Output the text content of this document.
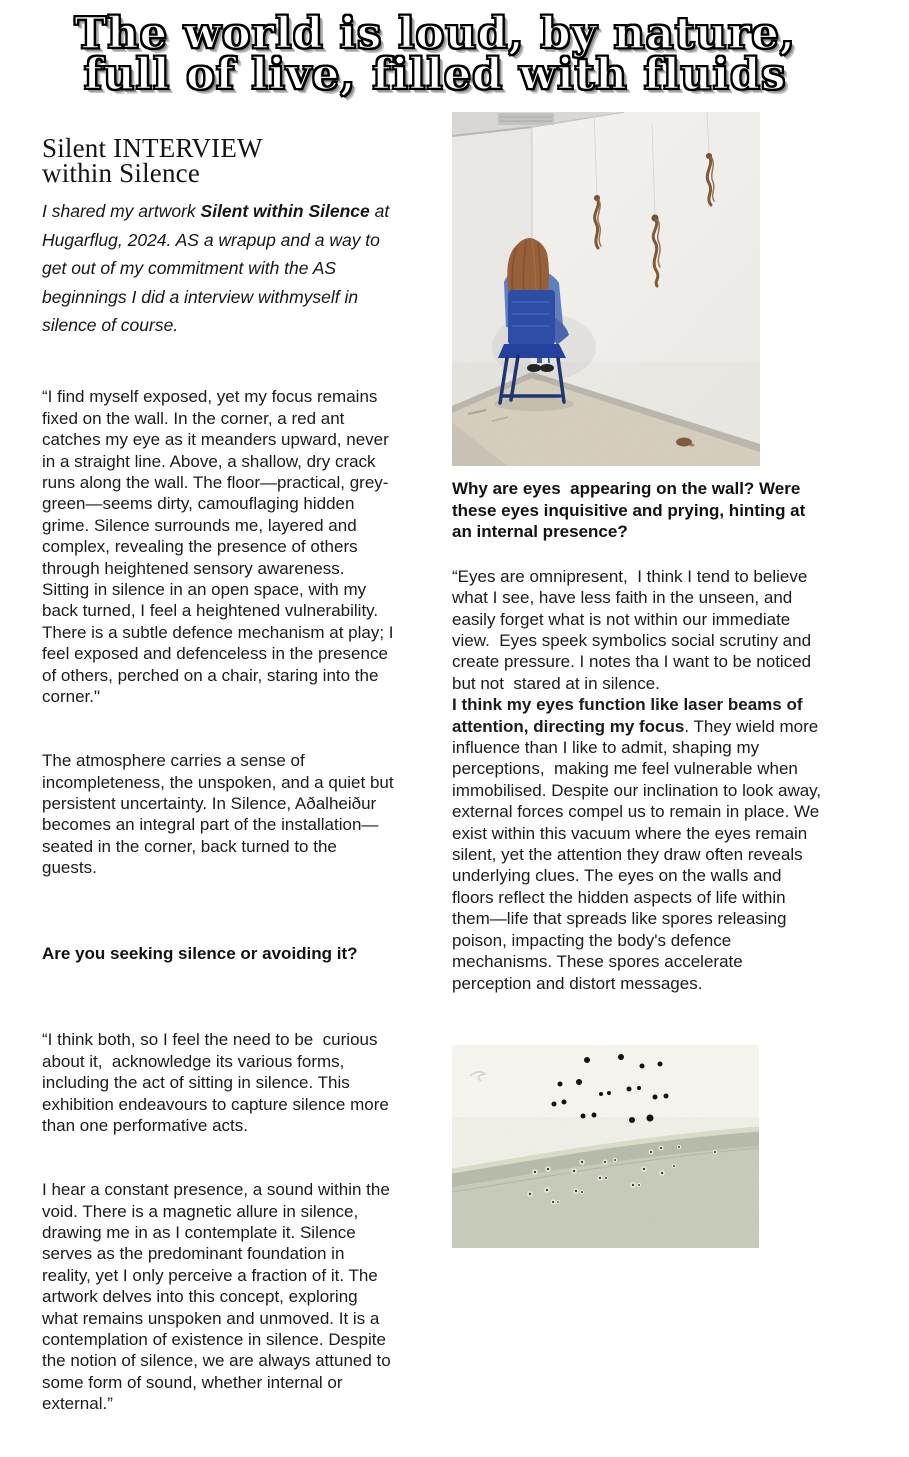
The world is loud, by nature,
full of live, filled with fluids
Silent INTERVIEW
within Silence
I shared my artwork Silent within Silence at Hugarflug, 2024. AS a wrapup and a way to get out of my commitment with the AS beginnings I did a interview withmyself in silence of course.

“I find myself exposed, yet my focus remains fixed on the wall. In the corner, a red ant catches my eye as it meanders upward, never in a straight line. Above, a shallow, dry crack runs along the wall. The floor—practical, grey-green—seems dirty, camouflaging hidden grime. Silence surrounds me, layered and complex, revealing the presence of others through heightened sensory awareness. Sitting in silence in an open space, with my back turned, I feel a heightened vulnerability. There is a subtle defence mechanism at play; I feel exposed and defenceless in the presence of others, perched on a chair, staring into the corner."

The atmosphere carries a sense of incompleteness, the unspoken, and a quiet but persistent uncertainty. In Silence, Aðalheiður becomes an integral part of the installation—seated in the corner, back turned to the guests.

Are you seeking silence or avoiding it?

“I think both, so I feel the need to be  curious about it,  acknowledge its various forms, including the act of sitting in silence. This exhibition endeavours to capture silence more than one performative acts.

I hear a constant presence, a sound within the void. There is a magnetic allure in silence, drawing me in as I contemplate it. Silence serves as the predominant foundation in  reality, yet I only perceive a fraction of it. The artwork delves into this concept, exploring what remains unspoken and unmoved. It is a contemplation of existence in silence. Despite the notion of silence, we are always attuned to some form of sound, whether internal or external.”

Why are eyes  appearing on the wall? Were these eyes inquisitive and prying, hinting at an internal presence?
“Eyes are omnipresent,  I think I tend to believe what I see, have less faith in the unseen, and easily forget what is not within our immediate view.  Eyes speek symbolics social scrutiny and create pressure. I notes tha I want to be noticed but not  stared at in silence.
I think my eyes function like laser beams of attention, directing my focus. They wield more influence than I like to admit, shaping my perceptions,  making me feel vulnerable when immobilised. Despite our inclination to look away, external forces compel us to remain in place. We exist within this vacuum where the eyes remain silent, yet the attention they draw often reveals underlying clues. The eyes on the walls and floors reflect the hidden aspects of life within them—life that spreads like spores releasing poison, impacting the body's defence mechanisms. These spores accelerate perception and distort messages.
